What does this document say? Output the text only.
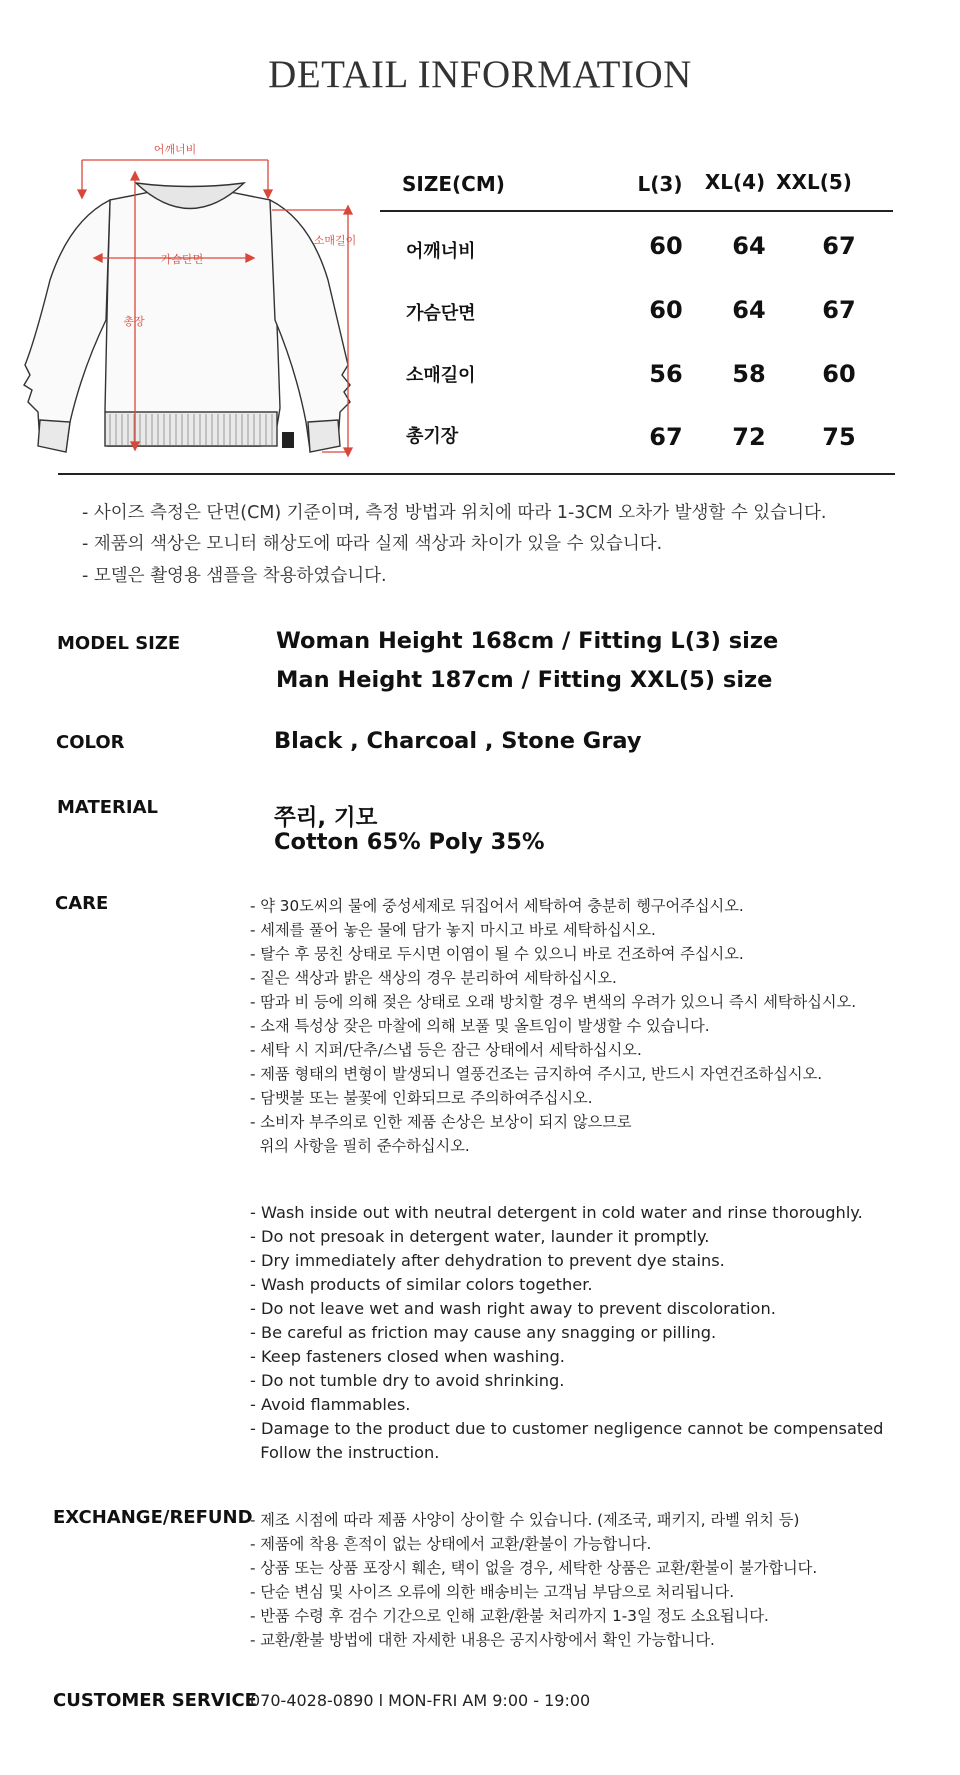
DETAIL INFORMATION
어깨너비
가슴단면
소매길이
총장
SIZE(CM)	L(3)	XL(4) XXL(5)
어깨너비	60	64	67
가슴단면	60	64	67
소매길이	56	58	60
총기장	67	72	75
- 사이즈 측정은 단면(CM) 기준이며, 측정 방법과 위치에 따라 1-3CM 오차가 발생할 수 있습니다.
- 제품의 색상은 모니터 해상도에 따라 실제 색상과 차이가 있을 수 있습니다.
- 모델은 촬영용 샘플을 착용하였습니다.
MODEL SIZE	Woman Height 168cm / Fitting L(3) size
Man Height 187cm / Fitting XXL(5) size
COLOR	Black , Charcoal , Stone Gray
MATERIAL	쭈리, 기모
Cotton 65% Poly 35%
CARE	- 약 30도씨의 물에 중성세제로 뒤집어서 세탁하여 충분히 헹구어주십시오.
- 세제를 풀어 놓은 물에 담가 놓지 마시고 바로 세탁하십시오.
- 탈수 후 뭉친 상태로 두시면 이염이 될 수 있으니 바로 건조하여 주십시오.
- 짙은 색상과 밝은 색상의 경우 분리하여 세탁하십시오.
- 땀과 비 등에 의해 젖은 상태로 오래 방치할 경우 변색의 우려가 있으니 즉시 세탁하십시오.
- 소재 특성상 잦은 마찰에 의해 보풀 및 올트임이 발생할 수 있습니다.
- 세탁 시 지퍼/단추/스냅 등은 잠근 상태에서 세탁하십시오.
- 제품 형태의 변형이 발생되니 열풍건조는 금지하여 주시고, 반드시 자연건조하십시오.
- 담뱃불 또는 불꽃에 인화되므로 주의하여주십시오.
- 소비자 부주의로 인한 제품 손상은 보상이 되지 않으므로
위의 사항을 필히 준수하십시오.
- Wash inside out with neutral detergent in cold water and rinse thoroughly.
- Do not presoak in detergent water, launder it promptly.
- Dry immediately after dehydration to prevent dye stains.
- Wash products of similar colors together.
- Do not leave wet and wash right away to prevent discoloration.
- Be careful as friction may cause any snagging or pilling.
- Keep fasteners closed when washing.
- Do not tumble dry to avoid shrinking.
- Avoid flammables.
- Damage to the product due to customer negligence cannot be compensated
Follow the instruction.
EXCHANGE/REFUND
- 제조 시점에 따라 제품 사양이 상이할 수 있습니다. (제조국, 패키지, 라벨 위치 등)
- 제품에 착용 흔적이 없는 상태에서 교환/환불이 가능합니다.
- 상품 또는 상품 포장시 훼손, 택이 없을 경우, 세탁한 상품은 교환/환불이 불가합니다.
- 단순 변심 및 사이즈 오류에 의한 배송비는 고객님 부담으로 처리됩니다.
- 반품 수령 후 검수 기간으로 인해 교환/환불 처리까지 1-3일 정도 소요됩니다.
- 교환/환불 방법에 대한 자세한 내용은 공지사항에서 확인 가능합니다.
CUSTOMER SERVICE
070-4028-0890 l MON-FRI AM 9:00 - 19:00
